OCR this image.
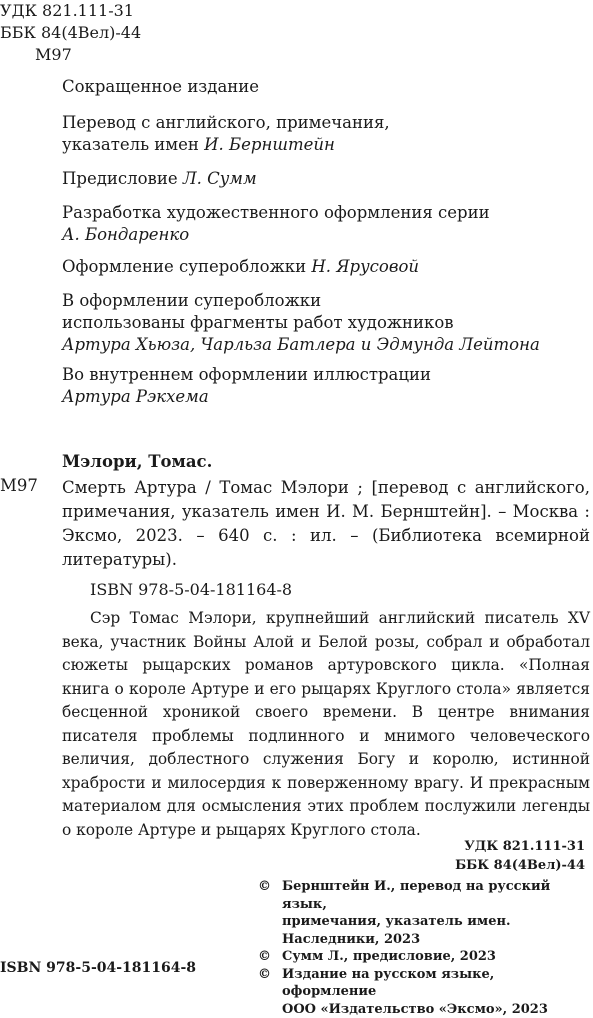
УДК 821.111-31
ББК 84(4Вел)-44
М97

Сокращенное издание

Перевод с английского, примечания,
указатель имен И. Бернштейн

Предисловие Л. Сумм

Разработка художественного оформления серии
А. Бондаренко

Оформление суперобложки Н. Ярусовой

В оформлении суперобложки
использованы фрагменты работ художников
Артура Хьюза, Чарльза Батлера и Эдмунда Лейтона

Во внутреннем оформлении иллюстрации
Артура Рэкхема

Мэлори, Томас.
М97 Смерть Артура / Томас Мэлори ; [перевод с английского, примечания, указатель имен И. М. Бернштейн]. – Москва : Эксмо, 2023. – 640 с. : ил. – (Библиотека всемирной литературы).
ISBN 978-5-04-181164-8
Сэр Томас Мэлори, крупнейший английский писатель XV века, участник Войны Алой и Белой розы, собрал и обработал сюжеты рыцарских романов артуровского цикла. «Полная книга о короле Артуре и его рыцарях Круглого стола» является бесценной хроникой своего времени. В центре внимания писателя проблемы подлинного и мнимого человеческого величия, доблестного служения Богу и королю, истинной храбрости и милосердия к поверженному врагу. И прекрасным материалом для осмысления этих проблем послужили легенды о короле Артуре и рыцарях Круглого стола.
УДК 821.111-31
ББК 84(4Вел)-44
© Бернштейн И., перевод на русский язык,
примечания, указатель имен.
Наследники, 2023
© Сумм Л., предисловие, 2023
© Издание на русском языке, оформление
ООО «Издательство «Эксмо», 2023
ISBN 978-5-04-181164-8
